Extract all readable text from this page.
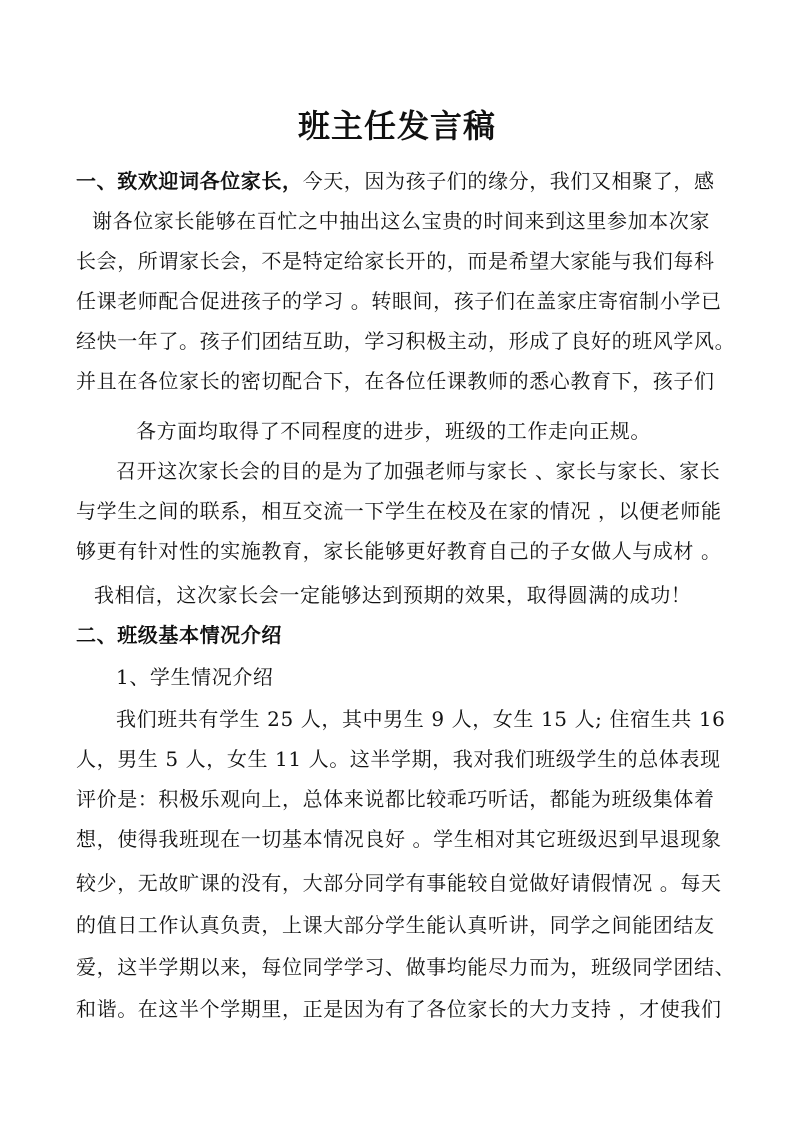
班主任发言稿
一、致欢迎词各位家长，今天，因为孩子们的缘分，我们又相聚了，感
谢各位家长能够在百忙之中抽出这么宝贵的时间来到这里参加本次家
长会，所谓家长会，不是特定给家长开的，而是希望大家能与我们每科
任课老师配合促进孩子的学习 。转眼间，孩子们在盖家庄寄宿制小学已
经快一年了。孩子们团结互助，学习积极主动，形成了良好的班风学风。
并且在各位家长的密切配合下，在各位任课教师的悉心教育下，孩子们
各方面均取得了不同程度的进步，班级的工作走向正规。
召开这次家长会的目的是为了加强老师与家长 、家长与家长、家长
与学生之间的联系，相互交流一下学生在校及在家的情况 ，以便老师能
够更有针对性的实施教育，家长能够更好教育自己的子女做人与成材 。
我相信，这次家长会一定能够达到预期的效果，取得圆满的成功！
二、班级基本情况介绍
1、学生情况介绍
我们班共有学生 25 人，其中男生 9 人，女生 15 人; 住宿生共 16
人，男生 5 人，女生 11 人。这半学期，我对我们班级学生的总体表现
评价是：积极乐观向上，总体来说都比较乖巧听话，都能为班级集体着
想，使得我班现在一切基本情况良好 。学生相对其它班级迟到早退现象
较少，无故旷课的没有，大部分同学有事能较自觉做好请假情况 。每天
的值日工作认真负责，上课大部分学生能认真听讲，同学之间能团结友
爱，这半学期以来，每位同学学习、做事均能尽力而为，班级同学团结、
和谐。在这半个学期里，正是因为有了各位家长的大力支持 ，才使我们
